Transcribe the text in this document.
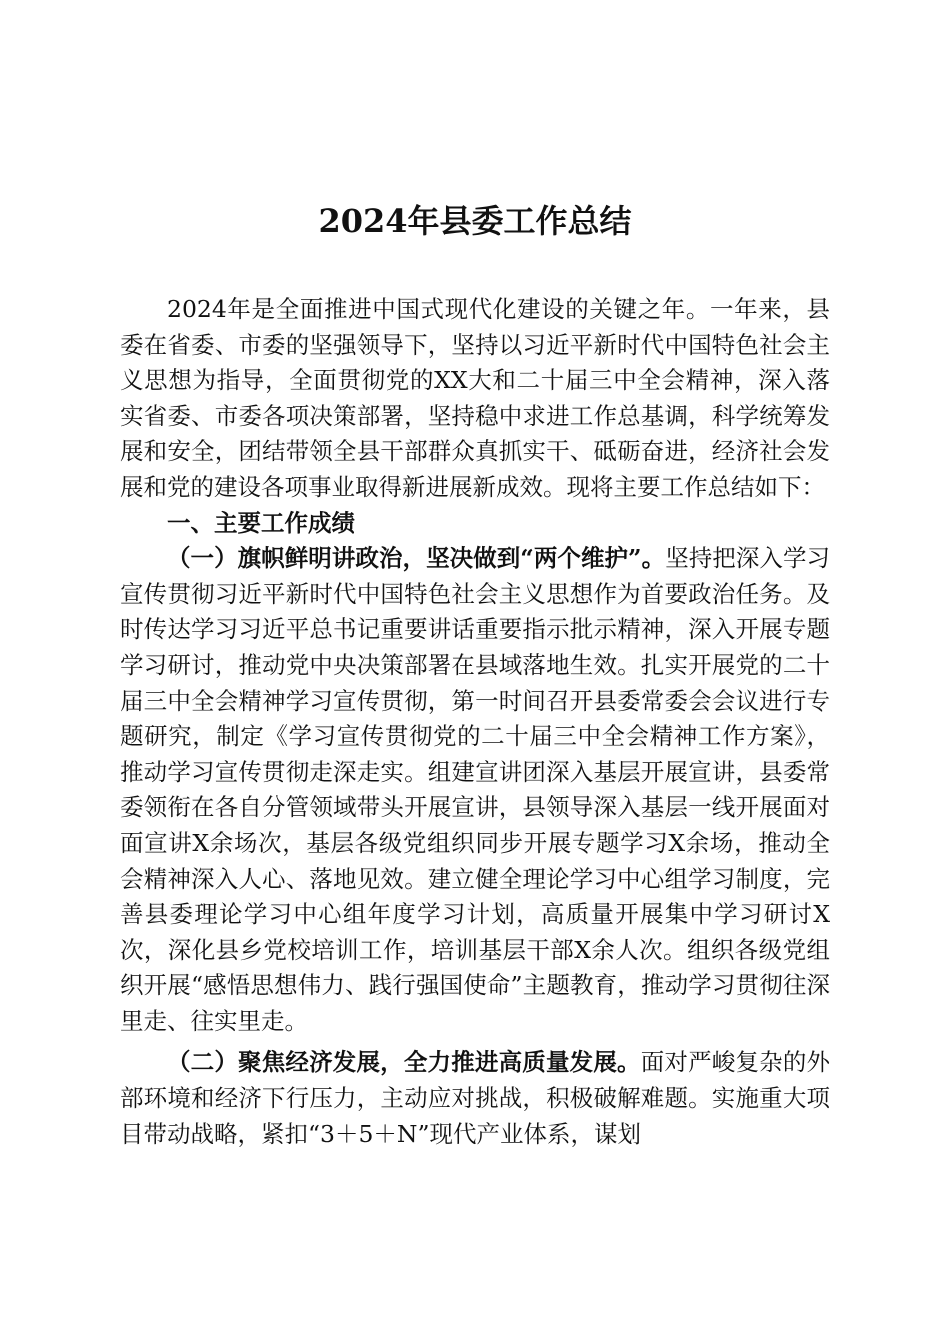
2024年县委工作总结

2024年是全面推进中国式现代化建设的关键之年。一年来，县委在省委、市委的坚强领导下，坚持以习近平新时代中国特色社会主义思想为指导，全面贯彻党的XX大和二十届三中全会精神，深入落实省委、市委各项决策部署，坚持稳中求进工作总基调，科学统筹发展和安全，团结带领全县干部群众真抓实干、砥砺奋进，经济社会发展和党的建设各项事业取得新进展新成效。现将主要工作总结如下：

一、主要工作成绩

（一）旗帜鲜明讲政治，坚决做到“两个维护”。坚持把深入学习宣传贯彻习近平新时代中国特色社会主义思想作为首要政治任务。及时传达学习习近平总书记重要讲话重要指示批示精神，深入开展专题学习研讨，推动党中央决策部署在县域落地生效。扎实开展党的二十届三中全会精神学习宣传贯彻，第一时间召开县委常委会会议进行专题研究，制定《学习宣传贯彻党的二十届三中全会精神工作方案》，推动学习宣传贯彻走深走实。组建宣讲团深入基层开展宣讲，县委常委领衔在各自分管领域带头开展宣讲，县领导深入基层一线开展面对面宣讲X余场次，基层各级党组织同步开展专题学习X余场，推动全会精神深入人心、落地见效。建立健全理论学习中心组学习制度，完善县委理论学习中心组年度学习计划，高质量开展集中学习研讨X次，深化县乡党校培训工作，培训基层干部X余人次。组织各级党组织开展“感悟思想伟力、践行强国使命”主题教育，推动学习贯彻往深里走、往实里走。

（二）聚焦经济发展，全力推进高质量发展。面对严峻复杂的外部环境和经济下行压力，主动应对挑战，积极破解难题。实施重大项目带动战略，紧扣“3＋5＋N”现代产业体系，谋划
